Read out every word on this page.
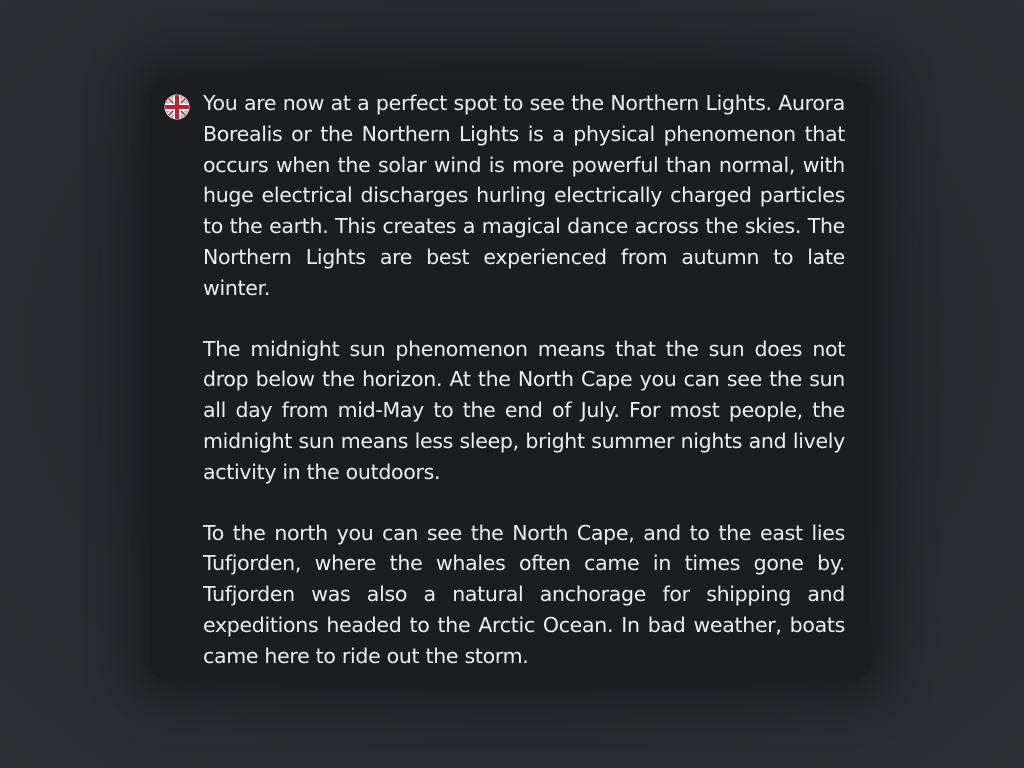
You are now at a perfect spot to see the Northern Lights. Aurora Borealis or the Northern Lights is a physical phenomenon that occurs when the solar wind is more powerful than normal, with huge electrical discharges hurling electrically charged particles to the earth. This creates a magical dance across the skies. The Northern Lights are best experienced from autumn to late winter.

The midnight sun phenomenon means that the sun does not drop below the horizon. At the North Cape you can see the sun all day from mid-May to the end of July. For most people, the midnight sun means less sleep, bright summer nights and lively activity in the outdoors.

To the north you can see the North Cape, and to the east lies Tufjorden, where the whales often came in times gone by. Tufjorden was also a natural anchorage for shipping and expeditions headed to the Arctic Ocean. In bad weather, boats came here to ride out the storm.
